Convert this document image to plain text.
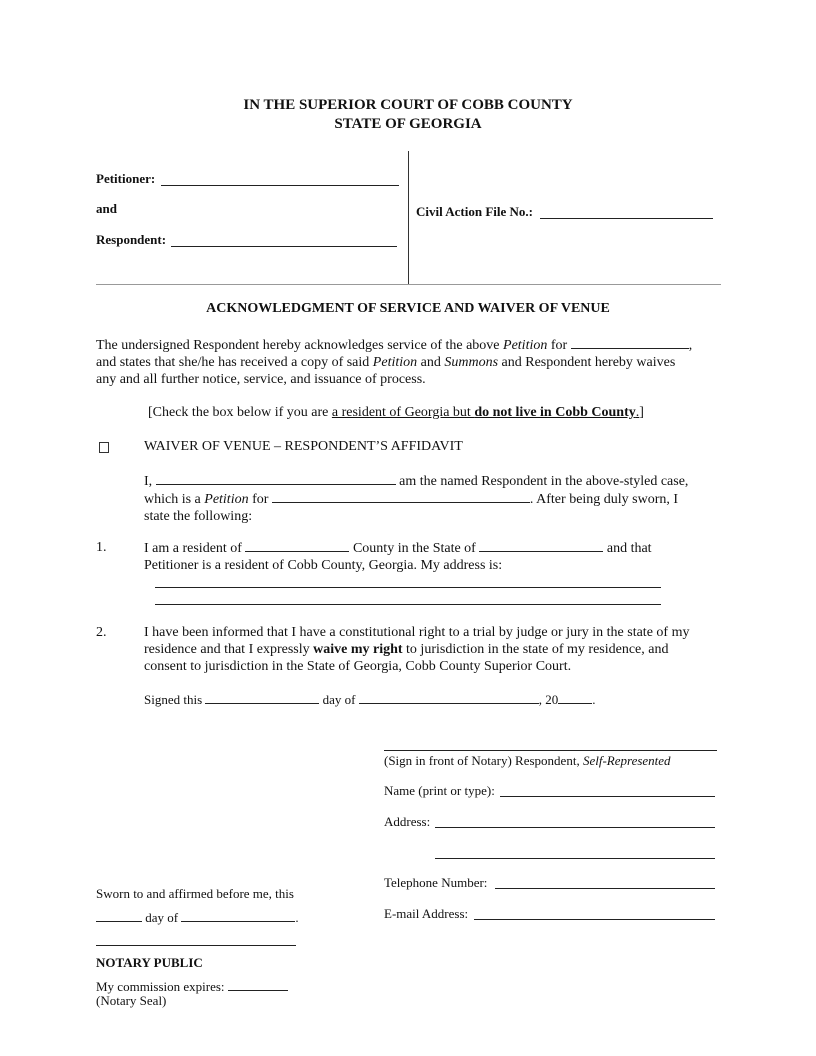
IN THE SUPERIOR COURT OF COBB COUNTY
STATE OF GEORGIA
Petitioner:
and
Respondent:
Civil Action File No.:
ACKNOWLEDGMENT OF SERVICE AND WAIVER OF VENUE
The undersigned Respondent hereby acknowledges service of the above Petition for	,
and states that she/he has received a copy of said Petition and Summons and Respondent hereby waives
any and all further notice, service, and issuance of process.
[Check the box below if you are a resident of Georgia but do not live in Cobb County.]
WAIVER OF VENUE – RESPONDENT’S AFFIDAVIT
I,	am the named Respondent in the above-styled case,
which is a Petition for	. After being duly sworn, I
state the following:
1.	I am a resident of	County in the State of	and that
Petitioner is a resident of Cobb County, Georgia. My address is:
2.	I have been informed that I have a constitutional right to a trial by judge or jury in the state of my
residence and that I expressly waive my right to jurisdiction in the state of my residence, and
consent to jurisdiction in the State of Georgia, Cobb County Superior Court.
Signed this	day of	, 20	.
(Sign in front of Notary) Respondent, Self-Represented
Name (print or type):
Address:
Telephone Number:
E-mail Address:
Sworn to and affirmed before me, this
day of	.
NOTARY PUBLIC
My commission expires:
(Notary Seal)
